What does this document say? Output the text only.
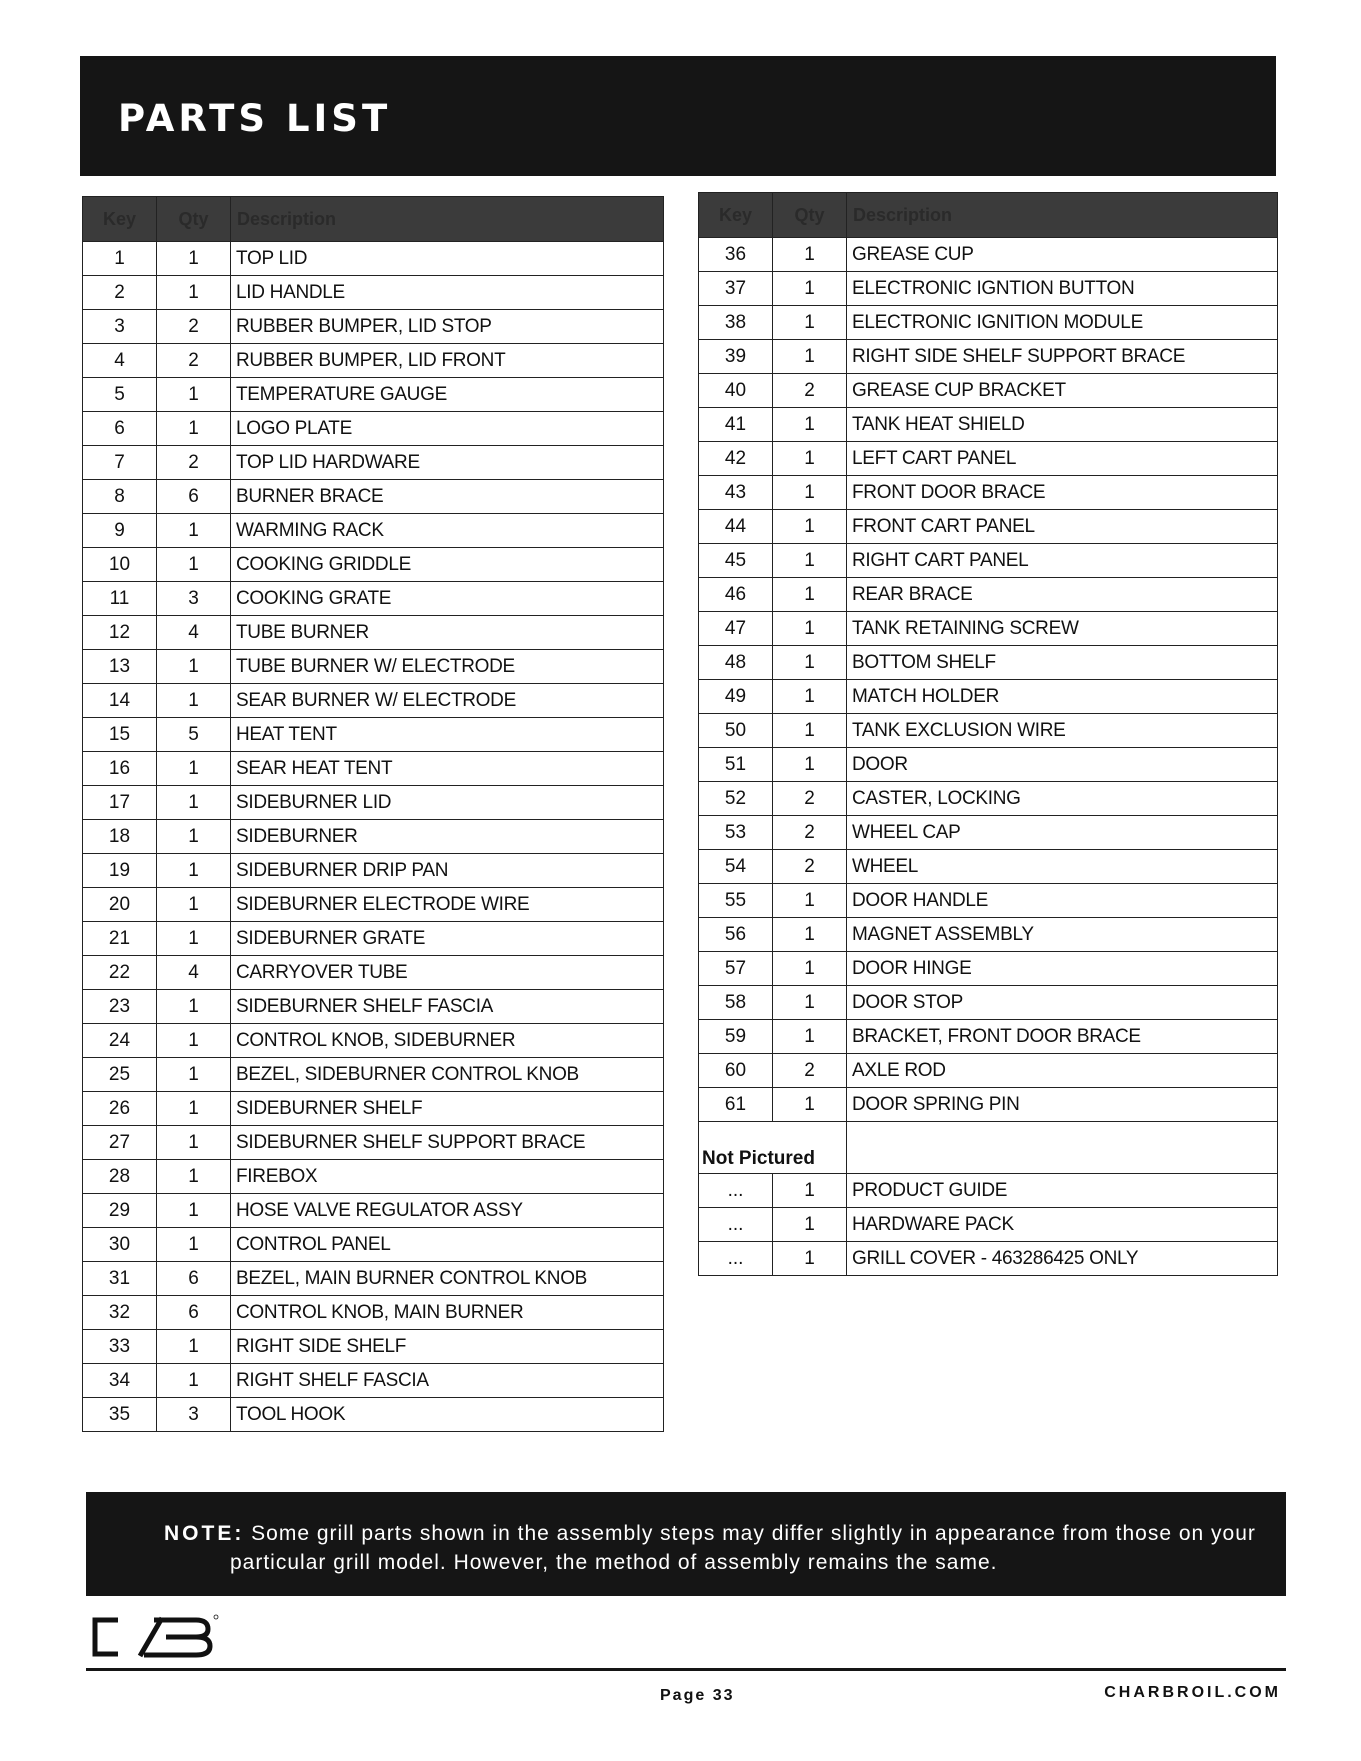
PARTS LIST
Key	Qty	Description
1	1	TOP LID
2	1	LID HANDLE
3	2	RUBBER BUMPER, LID STOP
4	2	RUBBER BUMPER, LID FRONT
5	1	TEMPERATURE GAUGE
6	1	LOGO PLATE
7	2	TOP LID HARDWARE
8	6	BURNER BRACE
9	1	WARMING RACK
10	1	COOKING GRIDDLE
11	3	COOKING GRATE
12	4	TUBE BURNER
13	1	TUBE BURNER W/ ELECTRODE
14	1	SEAR BURNER W/ ELECTRODE
15	5	HEAT TENT
16	1	SEAR HEAT TENT
17	1	SIDEBURNER LID
18	1	SIDEBURNER
19	1	SIDEBURNER DRIP PAN
20	1	SIDEBURNER ELECTRODE WIRE
21	1	SIDEBURNER GRATE
22	4	CARRYOVER TUBE
23	1	SIDEBURNER SHELF FASCIA
24	1	CONTROL KNOB, SIDEBURNER
25	1	BEZEL, SIDEBURNER CONTROL KNOB
26	1	SIDEBURNER SHELF
27	1	SIDEBURNER SHELF SUPPORT BRACE
28	1	FIREBOX
29	1	HOSE VALVE REGULATOR ASSY
30	1	CONTROL PANEL
31	6	BEZEL, MAIN BURNER CONTROL KNOB
32	6	CONTROL KNOB, MAIN BURNER
33	1	RIGHT SIDE SHELF
34	1	RIGHT SHELF FASCIA
35	3	TOOL HOOK
Key	Qty	Description
36	1	GREASE CUP
37	1	ELECTRONIC IGNTION BUTTON
38	1	ELECTRONIC IGNITION MODULE
39	1	RIGHT SIDE SHELF SUPPORT BRACE
40	2	GREASE CUP BRACKET
41	1	TANK HEAT SHIELD
42	1	LEFT CART PANEL
43	1	FRONT DOOR BRACE
44	1	FRONT CART PANEL
45	1	RIGHT CART PANEL
46	1	REAR BRACE
47	1	TANK RETAINING SCREW
48	1	BOTTOM SHELF
49	1	MATCH HOLDER
50	1	TANK EXCLUSION WIRE
51	1	DOOR
52	2	CASTER, LOCKING
53	2	WHEEL CAP
54	2	WHEEL
55	1	DOOR HANDLE
56	1	MAGNET ASSEMBLY
57	1	DOOR HINGE
58	1	DOOR STOP
59	1	BRACKET, FRONT DOOR BRACE
60	2	AXLE ROD
61	1	DOOR SPRING PIN
Not Pictured		
...	1	PRODUCT GUIDE
...	1	HARDWARE PACK
...	1	GRILL COVER - 463286425 ONLY
NOTE: Some grill parts shown in the assembly steps may differ slightly in appearance from those on your
particular grill model. However, the method of assembly remains the same.
Page 33	CHARBROIL.COM
